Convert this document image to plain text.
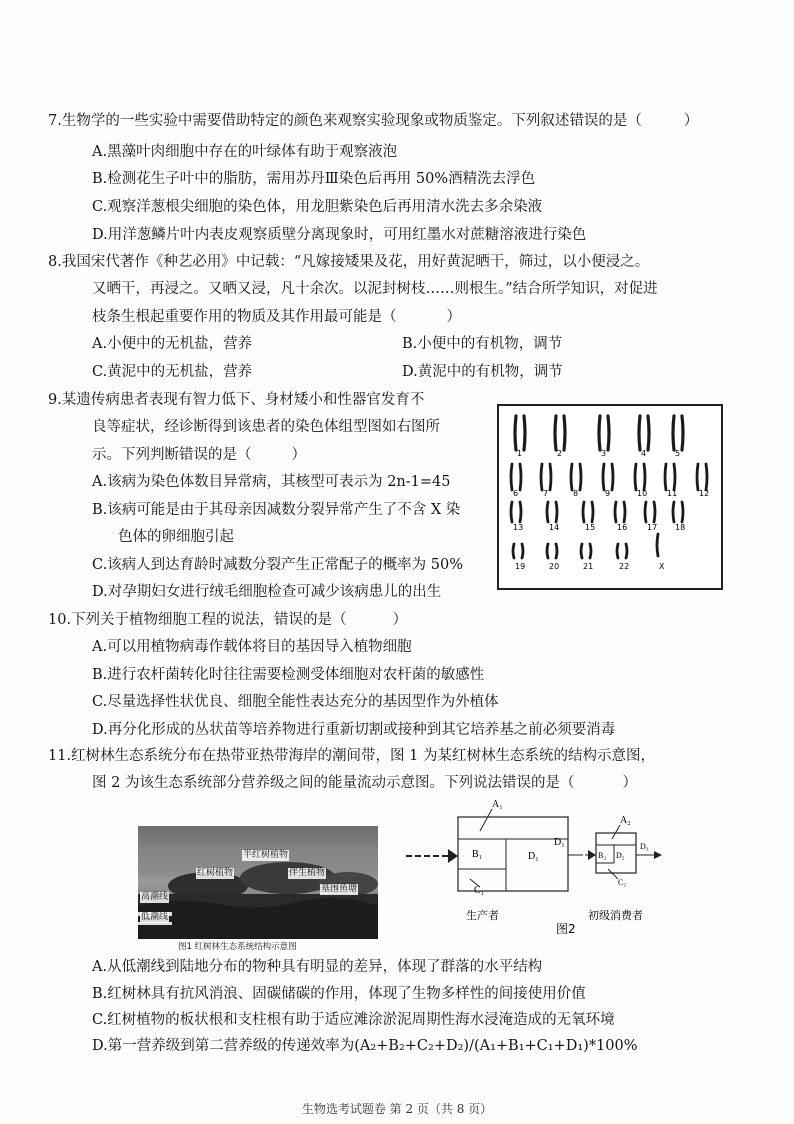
7.生物学的一些实验中需要借助特定的颜色来观察实验现象或物质鉴定。下列叙述错误的是（	）
A.黑藻叶肉细胞中存在的叶绿体有助于观察液泡
B.检测花生子叶中的脂肪，需用苏丹Ⅲ染色后再用 50%酒精洗去浮色
C.观察洋葱根尖细胞的染色体，用龙胆紫染色后再用清水洗去多余染液
D.用洋葱鳞片叶内表皮观察质壁分离现象时，可用红墨水对蔗糖溶液进行染色
8.我国宋代著作《种艺必用》中记载：“凡嫁接矮果及花，用好黄泥晒干，筛过，以小便浸之。
又晒干，再浸之。又晒又浸，凡十余次。以泥封树枝……则根生。”结合所学知识，对促进
枝条生根起重要作用的物质及其作用最可能是（	）
A.小便中的无机盐，营养	B.小便中的有机物，调节
C.黄泥中的无机盐，营养	D.黄泥中的有机物，调节
9.某遗传病患者表现有智力低下、身材矮小和性器官发育不
良等症状，经诊断得到该患者的染色体组型图如右图所
示。下列判断错误的是（	）
A.该病为染色体数目异常病，其核型可表示为 2n-1=45
B.该病可能是由于其母亲因减数分裂异常产生了不含 X 染
色体的卵细胞引起
C.该病人到达育龄时减数分裂产生正常配子的概率为 50%
D.对孕期妇女进行绒毛细胞检查可减少该病患儿的出生
1	2	3	4	5
6	7	8	9	10 11	12
13	14	15	16 17 18
19	20	21	22	X
10.下列关于植物细胞工程的说法，错误的是（	）
A.可以用植物病毒作载体将目的基因导入植物细胞
B.进行农杆菌转化时往往需要检测受体细胞对农杆菌的敏感性
C.尽量选择性状优良、细胞全能性表达充分的基因型作为外植体
D.再分化形成的丛状苗等培养物进行重新切割或接种到其它培养基之前必须要消毒
11.红树林生态系统分布在热带亚热带海岸的潮间带，图 1 为某红树林生态系统的结构示意图，
图 2 为该生态系统部分营养级之间的能量流动示意图。下列说法错误的是（	）
半红树植物
红树植物	伴生植物
基围鱼塘
高潮线
低潮线
图1 红树林生态系统结构示意图
A₁
B₁	D₁
C₁
D₁
A₂
B₂ D₂
D₃
C₂
生产者	初级消费者
图2
A.从低潮线到陆地分布的物种具有明显的差异，体现了群落的水平结构
B.红树林具有抗风消浪、固碳储碳的作用，体现了生物多样性的间接使用价值
C.红树植物的板状根和支柱根有助于适应滩涂淤泥周期性海水浸淹造成的无氧环境
D.第一营养级到第二营养级的传递效率为(A₂+B₂+C₂+D₂)/(A₁+B₁+C₁+D₁)*100%
生物选考试题卷 第 2 页（共 8 页）
